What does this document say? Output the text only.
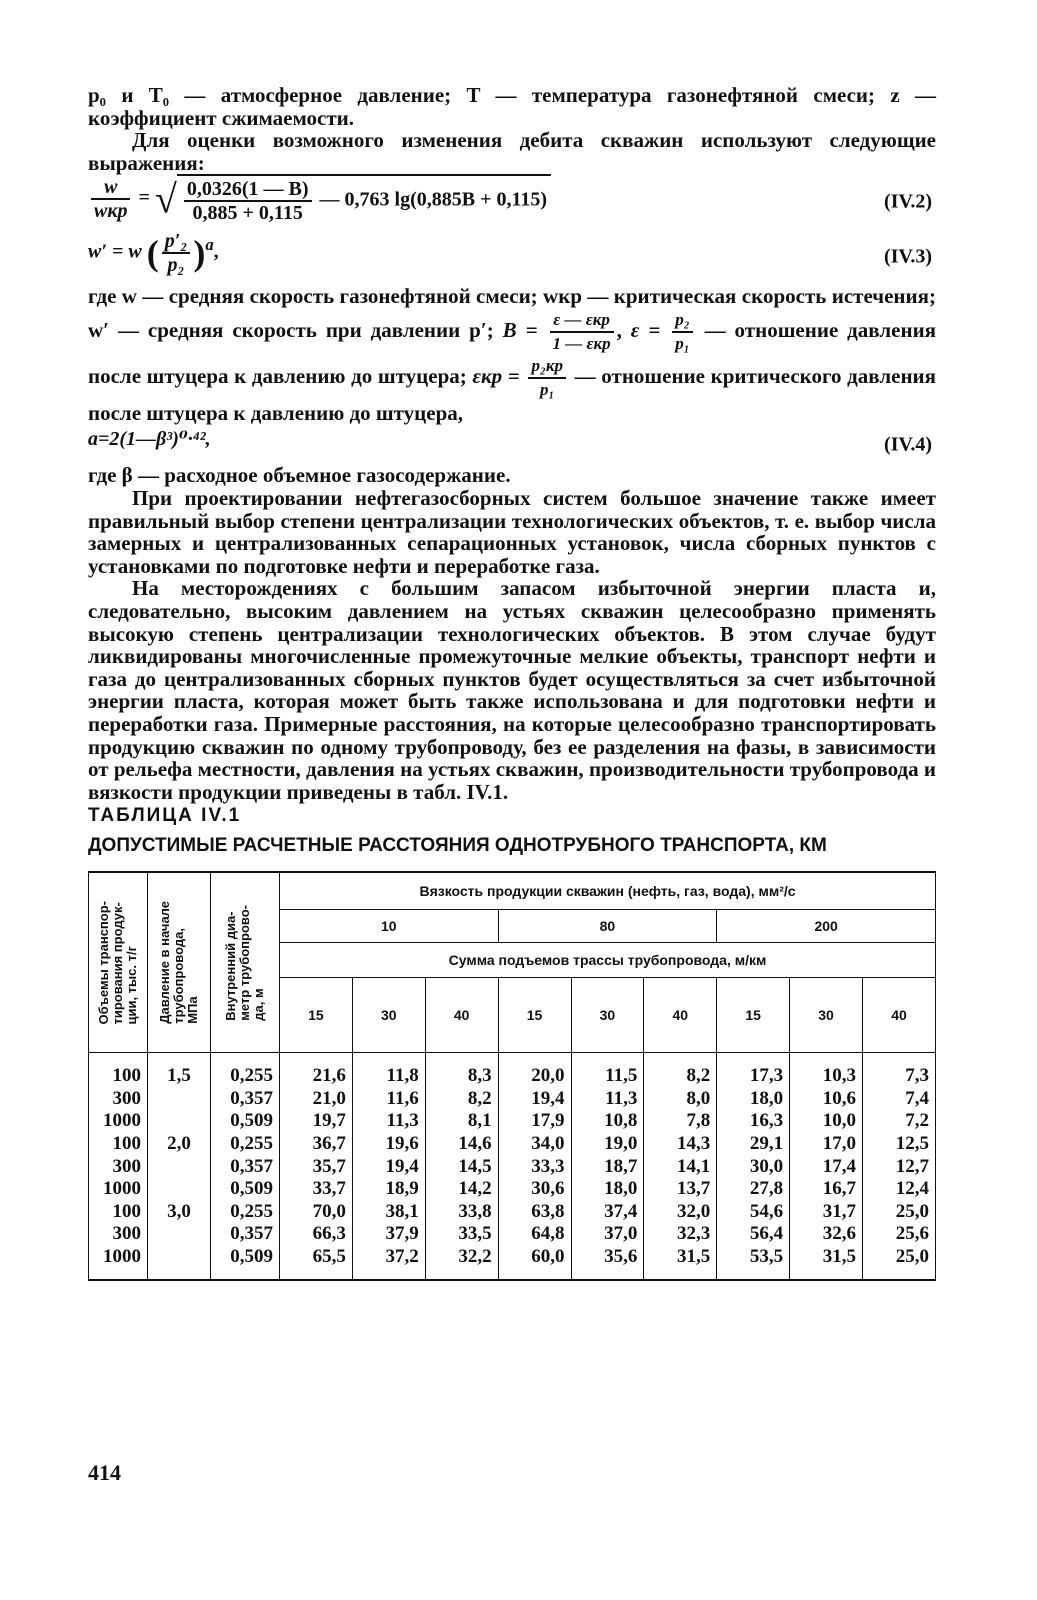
p₀ и T₀ — атмосферное давление; T — температура газонефтяной смеси; z — коэффициент сжимаемости.

Для оценки возможного изменения дебита скважин используют следующие выражения:

$\frac{w}{\text{wкр}}$ = √ $\frac{0,0326(1 — B)}{0,885 + 0,115}$ — 0,763 lg(0,885B + 0,115)	(IV.2)
w′ = w ( $\frac{\text{p′₂}}{\text{p₂}} )^a$,	(IV.3)

где w — средняя скорость газонефтяной смеси; wкр — критическая скорость истечения; w′ — средняя скорость при давлении p′; $B = \frac{\text{ε — εкр}}{\text{1 — εкр}}$ , $\varepsilon = \frac{\text{p₂}}{\text{p₁}}$ — отношение давления после штуцера к давлению до штуцера; $\varepsilon кр = \frac{\text{p₂кр}}{\text{p₁}}$ — отношение критического давления после штуцера к давлению до штуцера,

a=2(1—β³)⁰·⁴²,	(IV.4)

где β — расходное объемное газосодержание.

При проектировании нефтегазосборных систем большое значение также имеет правильный выбор степени централизации технологических объектов, т. е. выбор числа замерных и централизованных сепарационных установок, числа сборных пунктов с установками по подготовке нефти и переработке газа.

На месторождениях с большим запасом избыточной энергии пласта и, следовательно, высоким давлением на устьях скважин целесообразно применять высокую степень централизации технологических объектов. В этом случае будут ликвидированы многочисленные промежуточные мелкие объекты, транспорт нефти и газа до централизованных сборных пунктов будет осуществляться за счет избыточной энергии пласта, которая может быть также использована и для подготовки нефти и переработки газа. Примерные расстояния, на которые целесообразно транспортировать продукцию скважин по одному трубопроводу, без ее разделения на фазы, в зависимости от рельефа местности, давления на устьях скважин, производительности трубопровода и вязкости продукции приведены в табл. IV.1.

ТАБЛИЦА IV.1
ДОПУСТИМЫЕ РАСЧЕТНЫЕ РАССТОЯНИЯ ОДНОТРУБНОГО ТРАНСПОРТА, КМ
Объемы транспор-
тирования продук-
ции, тыс. т/г	Давление в начале
трубопровода,
МПа	Внутренний диа-
метр трубопрово-
да, м	Вязкость продукции скважин (нефть, газ, вода), мм²/с								
			10			80			200		
			Сумма подъемов трассы трубопровода, м/км								
			15	30	40	15	30	40	15	30	40
100	1,5	0,255	21,6	11,8	8,3	20,0	11,5	8,2	17,3	10,3	7,3
300		0,357	21,0	11,6	8,2	19,4	11,3	8,0	18,0	10,6	7,4
1000		0,509	19,7	11,3	8,1	17,9	10,8	7,8	16,3	10,0	7,2
100	2,0	0,255	36,7	19,6	14,6	34,0	19,0	14,3	29,1	17,0	12,5
300		0,357	35,7	19,4	14,5	33,3	18,7	14,1	30,0	17,4	12,7
1000		0,509	33,7	18,9	14,2	30,6	18,0	13,7	27,8	16,7	12,4
100	3,0	0,255	70,0	38,1	33,8	63,8	37,4	32,0	54,6	31,7	25,0
300		0,357	66,3	37,9	33,5	64,8	37,0	32,3	56,4	32,6	25,6
1000		0,509	65,5	37,2	32,2	60,0	35,6	31,5	53,5	31,5	25,0
414
